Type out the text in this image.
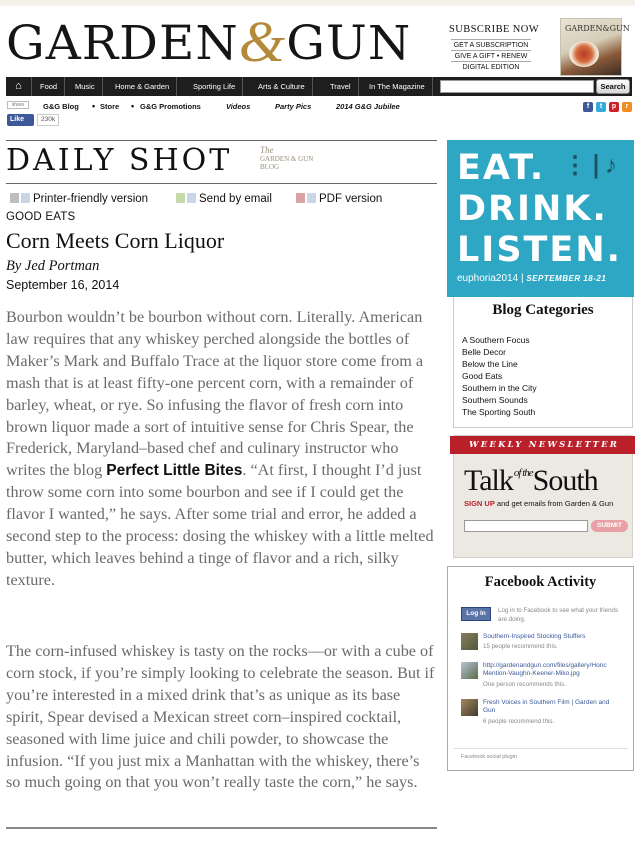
GARDEN&GUN	SUBSCRIBE NOW
GET A SUBSCRIPTION
GIVE A GIFT • RENEW
DIGITAL EDITION
GARDEN&GUN
⌂	Food	Music	Home & Garden	Sporting Life	Arts & Culture	Travel	In The Magazine	Search
share	G&G Blog • Store • G&G Promotions	Videos	Party Pics	2014 G&G Jubilee
Like	230k
f	t	p	r
DAILY SHOT	The
GARDEN & GUN BLOG
Printer-friendly version	Send by email	PDF version
GOOD EATS
Corn Meets Corn Liquor
By Jed Portman
September 16, 2014

Bourbon wouldn’t be bourbon without corn. Literally. American law requires that any whiskey perched alongside the bottles of Maker’s Mark and Buffalo Trace at the liquor store come from a mash that is at least fifty-one percent corn, with a remainder of barley, wheat, or rye. So infusing the flavor of fresh corn into brown liquor made a sort of intuitive sense for Chris Spear, the Frederick, Maryland–based chef and culinary instructor who writes the blog Perfect Little Bites. “At first, I thought I’d just throw some corn into some bourbon and see if I could get the flavor I wanted,” he says. After some trial and error, he added a second step to the process: dosing the whiskey with a little melted butter, which leaves behind a tinge of flavor and a rich, silky texture.

The corn-infused whiskey is tasty on the rocks—or with a cube of corn stock, if you’re simply looking to celebrate the season. But if you’re interested in a mixed drink that’s as unique as its base spirit, Spear devised a Mexican street corn–inspired cocktail, seasoned with lime juice and chili powder, to showcase the infusion. “If you just mix a Manhattan with the whiskey, there’s so much going on that you won’t really taste the corn,” he says.

EAT. ⋮∣♪
DRINK.
LISTEN.
euphoria2014 | SEPTEMBER 18-21
Blog Categories
A Southern Focus
Belle Decor
Below the Line
Good Eats
Southern in the City
Southern Sounds
The Sporting South
WEEKLY NEWSLETTER
Talk$^{of the}$South
SIGN UP and get emails from Garden & Gun
SUBMIT
Facebook Activity
Log In	Log in to Facebook to see what your friends are doing.
Southern-Inspired Stocking Stuffers
15 people recommend this.
http://gardenandgun.com/files/gallery/Honc Mention-Vaughn-Keener-Miko.jpg
One person recommends this.
Fresh Voices in Southern Film | Garden and Gun
6 people recommend this.
Facebook social plugin
